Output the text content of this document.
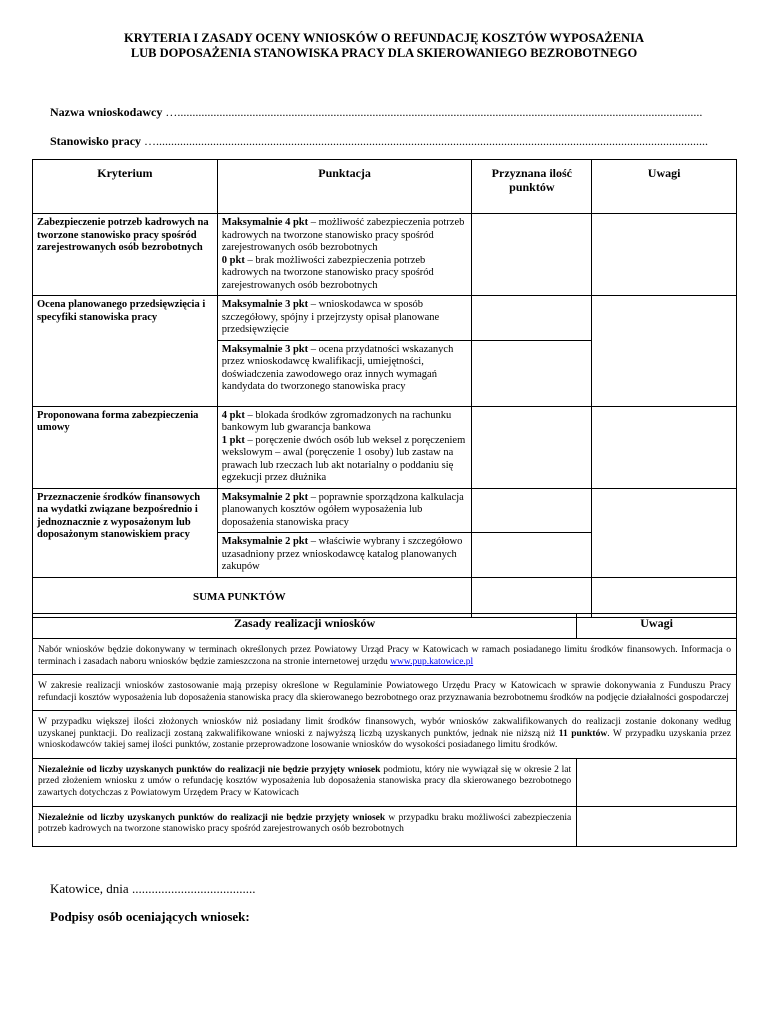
KRYTERIA I ZASADY OCENY WNIOSKÓW O REFUNDACJĘ KOSZTÓW WYPOSAŻENIA
LUB DOPOSAŻENIA STANOWISKA PRACY DLA SKIEROWANIEGO BEZROBOTNEGO
Nazwa wnioskodawcy …...............................................................................................................................................................................
Stanowisko pracy …........................................................................................................................................................................................
Kryterium	Punktacja	Przyznana ilość punktów	Uwagi
Zabezpieczenie potrzeb kadrowych na tworzone stanowisko pracy spośród zarejestrowanych osób bezrobotnych	Maksymalnie 4 pkt – możliwość zabezpieczenia potrzeb kadrowych na tworzone stanowisko pracy spośród zarejestrowanych osób bezrobotnych
0 pkt – brak możliwości zabezpieczenia potrzeb kadrowych na tworzone stanowisko pracy spośród zarejestrowanych osób bezrobotnych		
Ocena planowanego przedsięwzięcia i specyfiki stanowiska pracy	Maksymalnie 3 pkt – wnioskodawca w sposób szczegółowy, spójny i przejrzysty opisał planowane przedsięwzięcie		
	Maksymalnie 3 pkt – ocena przydatności wskazanych przez wnioskodawcę kwalifikacji, umiejętności, doświadczenia zawodowego oraz innych wymagań kandydata do tworzonego stanowiska pracy		
Proponowana forma zabezpieczenia umowy	4 pkt – blokada środków zgromadzonych na rachunku bankowym lub gwarancja bankowa
1 pkt – poręczenie dwóch osób lub weksel z poręczeniem wekslowym – awal (poręczenie 1 osoby) lub zastaw na prawach lub rzeczach lub akt notarialny o poddaniu się egzekucji przez dłużnika		
Przeznaczenie środków finansowych na wydatki związane bezpośrednio i jednoznacznie z wyposażonym lub doposażonym stanowiskiem pracy	Maksymalnie 2 pkt – poprawnie sporządzona kalkulacja planowanych kosztów ogółem wyposażenia lub doposażenia stanowiska pracy		
	Maksymalnie 2 pkt – właściwie wybrany i szczegółowo uzasadniony przez wnioskodawcę katalog planowanych zakupów		
SUMA PUNKTÓW			
Zasady realizacji wniosków	Uwagi
Nabór wniosków będzie dokonywany w terminach określonych przez Powiatowy Urząd Pracy w Katowicach w ramach posiadanego limitu środków finansowych. Informacja o terminach i zasadach naboru wniosków będzie zamieszczona na stronie internetowej urzędu www.pup.katowice.pl	
W zakresie realizacji wniosków zastosowanie mają przepisy określone w Regulaminie Powiatowego Urzędu Pracy w Katowicach w sprawie dokonywania z Funduszu Pracy refundacji kosztów wyposażenia lub doposażenia stanowiska pracy dla skierowanego bezrobotnego oraz przyznawania bezrobotnemu środków na podjęcie działalności gospodarczej	
W przypadku większej ilości złożonych wniosków niż posiadany limit środków finansowych, wybór wniosków zakwalifikowanych do realizacji zostanie dokonany według uzyskanej punktacji. Do realizacji zostaną zakwalifikowane wnioski z najwyższą liczbą uzyskanych punktów, jednak nie niższą niż 11 punktów. W przypadku uzyskania przez wnioskodawców takiej samej ilości punktów, zostanie przeprowadzone losowanie wniosków do wysokości posiadanego limitu środków.	
Niezależnie od liczby uzyskanych punktów do realizacji nie będzie przyjęty wniosek podmiotu, który nie wywiązał się w okresie 2 lat przed złożeniem wniosku z umów o refundację kosztów wyposażenia lub doposażenia stanowiska pracy dla skierowanego bezrobotnego zawartych dotychczas z Powiatowym Urzędem Pracy w Katowicach	
Niezależnie od liczby uzyskanych punktów do realizacji nie będzie przyjęty wniosek w przypadku braku możliwości zabezpieczenia potrzeb kadrowych na tworzone stanowisko pracy spośród zarejestrowanych osób bezrobotnych	
Katowice, dnia ......................................
Podpisy osób oceniających wniosek:
